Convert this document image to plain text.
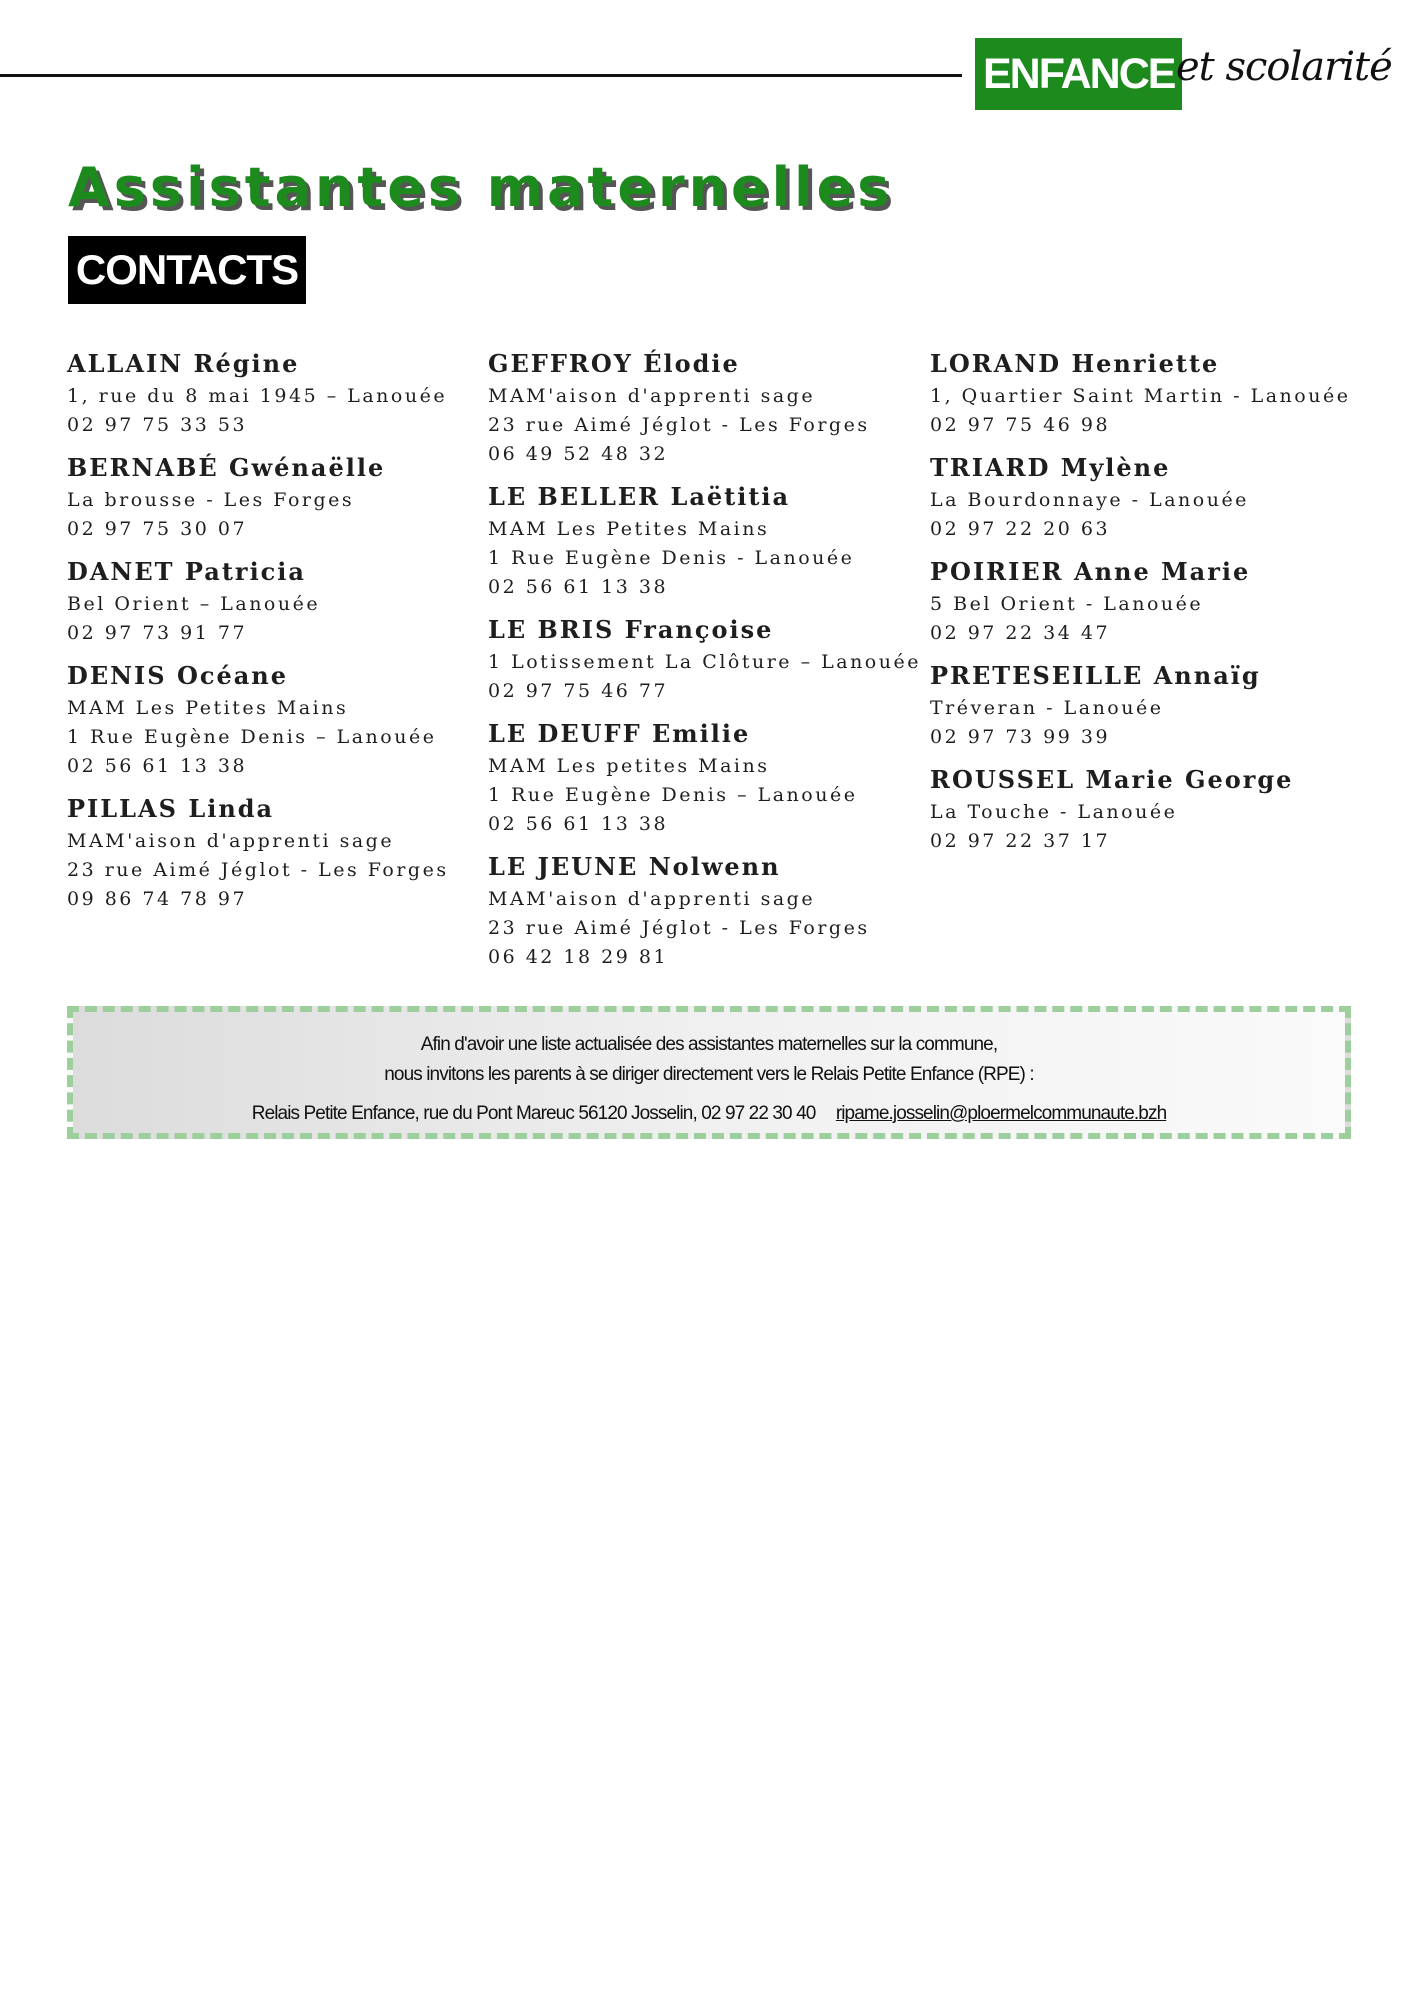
ENFANCE et scolarité
Assistantes maternelles
CONTACTS
ALLAIN Régine
1, rue du 8 mai 1945 – Lanouée
02 97 75 33 53
BERNABÉ Gwénaëlle
La brousse - Les Forges
02 97 75 30 07
DANET Patricia
Bel Orient – Lanouée
02 97 73 91 77
DENIS Océane
MAM Les Petites Mains
1 Rue Eugène Denis – Lanouée
02 56 61 13 38
PILLAS Linda
MAM'aison d'apprenti sage
23 rue Aimé Jéglot - Les Forges
09 86 74 78 97
GEFFROY Élodie
MAM'aison d'apprenti sage
23 rue Aimé Jéglot - Les Forges
06 49 52 48 32
LE BELLER Laëtitia
MAM Les Petites Mains
1 Rue Eugène Denis - Lanouée
02 56 61 13 38
LE BRIS Françoise
1 Lotissement La Clôture – Lanouée
02 97 75 46 77
LE DEUFF Emilie
MAM Les petites Mains
1 Rue Eugène Denis – Lanouée
02 56 61 13 38
LE JEUNE Nolwenn
MAM'aison d'apprenti sage
23 rue Aimé Jéglot - Les Forges
06 42 18 29 81
LORAND Henriette
1, Quartier Saint Martin - Lanouée
02 97 75 46 98
TRIARD Mylène
La Bourdonnaye - Lanouée
02 97 22 20 63
POIRIER Anne Marie
5 Bel Orient - Lanouée
02 97 22 34 47
PRETESEILLE Annaïg
Tréveran - Lanouée
02 97 73 99 39
ROUSSEL Marie George
La Touche - Lanouée
02 97 22 37 17
Afin d'avoir une liste actualisée des assistantes maternelles sur la commune,
nous invitons les parents à se diriger directement vers le Relais Petite Enfance (RPE) :
Relais Petite Enfance, rue du Pont Mareuc 56120 Josselin, 02 97 22 30 40 ripame.josselin@ploermelcommunaute.bzh
